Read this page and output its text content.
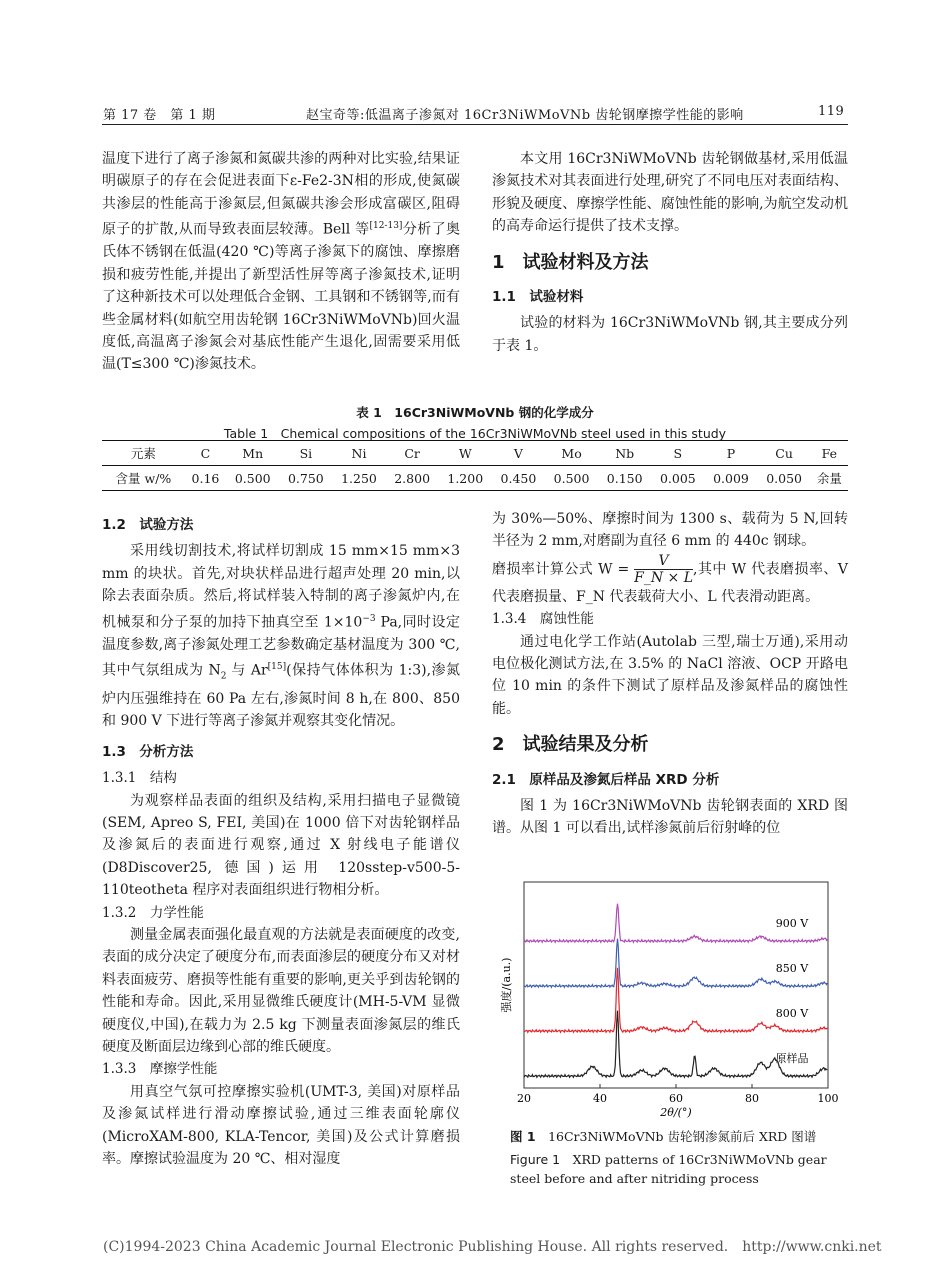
第 17 卷　 第 1 期	赵宝奇等:低温离子渗氮对 16Cr3NiWMoVNb 齿轮钢摩擦学性能的影响	119

温度下进行了离子渗氮和氮碳共渗的两种对比实验,结果证明碳原子的存在会促进表面下ε-Fe2-3N相的形成,使氮碳共渗层的性能高于渗氮层,但氮碳共渗会形成富碳区,阻碍原子的扩散,从而导致表面层较薄。Bell 等[12-13]分析了奥氏体不锈钢在低温(420 ℃)等离子渗氮下的腐蚀、摩擦磨损和疲劳性能,并提出了新型活性屏等离子渗氮技术,证明了这种新技术可以处理低合金钢、工具钢和不锈钢等,而有些金属材料(如航空用齿轮钢 16Cr3NiWMoVNb)回火温度低,高温离子渗氮会对基底性能产生退化,固需要采用低温(T≤300 ℃)渗氮技术。

本文用 16Cr3NiWMoVNb 齿轮钢做基材,采用低温渗氮技术对其表面进行处理,研究了不同电压对表面结构、形貌及硬度、摩擦学性能、腐蚀性能的影响,为航空发动机的高寿命运行提供了技术支撑。

1　试验材料及方法
1.1　试验材料

试验的材料为 16Cr3NiWMoVNb 钢,其主要成分列于表 1。

表 1　16Cr3NiWMoVNb 钢的化学成分
Table 1　Chemical compositions of the 16Cr3NiWMoVNb steel used in this study
元素	C	Mn	Si	Ni	Cr	W	V	Mo	Nb	S	P	Cu	Fe
含量 w/%	0.16	0.500	0.750	1.250	2.800	1.200	0.450	0.500	0.150	0.005	0.009	0.050	余量
1.2　试验方法

采用线切割技术,将试样切割成 15 mm×15 mm×3 mm 的块状。首先,对块状样品进行超声处理 20 min,以除去表面杂质。然后,将试样装入特制的离子渗氮炉内,在机械泵和分子泵的加持下抽真空至 $1\times 10^{-3}$ Pa,同时设定温度参数,离子渗氮处理工艺参数确定基材温度为 300 ℃,其中气氛组成为 $N_2$ 与 Ar[15](保持气体体积为 1:3),渗氮炉内压强维持在 60 Pa 左右,渗氮时间 8 h,在 800、850 和 900 V 下进行等离子渗氮并观察其变化情况。

1.3　分析方法
1.3.1　结构

为观察样品表面的组织及结构,采用扫描电子显微镜(SEM, Apreo S, FEI, 美国)在 1000 倍下对齿轮钢样品及渗氮后的表面进行观察,通过 X 射线电子能谱仪(D8Discover25, 德国)运用 120sstep-v500-5-110teotheta 程序对表面组织进行物相分析。

1.3.2　力学性能

测量金属表面强化最直观的方法就是表面硬度的改变,表面的成分决定了硬度分布,而表面渗层的硬度分布又对材料表面疲劳、磨损等性能有重要的影响,更关乎到齿轮钢的性能和寿命。因此,采用显微维氏硬度计(MH-5-VM 显微硬度仪,中国),在载力为 2.5 kg 下测量表面渗氮层的维氏硬度及断面层边缘到心部的维氏硬度。

1.3.3　摩擦学性能

用真空气氛可控摩擦实验机(UMT-3, 美国)对原样品及渗氮试样进行滑动摩擦试验,通过三维表面轮廓仪(MicroXAM-800, KLA-Tencor, 美国)及公式计算磨损率。摩擦试验温度为 20 ℃、相对湿度

为 30%—50%、摩擦时间为 1300 s、载荷为 5 N,回转半径为 2 mm,对磨副为直径 6 mm 的 440c 钢球。

磨损率计算公式 $W = \frac{V}{F\_N \times L}$ ,其中 W 代表磨损率、V 代表磨损量、F_N 代表载荷大小、L 代表滑动距离。

1.3.4　腐蚀性能

通过电化学工作站(Autolab 三型,瑞士万通),采用动电位极化测试方法,在 3.5% 的 NaCl 溶液、OCP 开路电位 10 min 的条件下测试了原样品及渗氮样品的腐蚀性能。

2　试验结果及分析
2.1　原样品及渗氮后样品 XRD 分析

图 1 为 16Cr3NiWMoVNb 齿轮钢表面的 XRD 图谱。从图 1 可以看出,试样渗氮前后衍射峰的位

900 V
850 V
800 V
原样品
20	40	60	80	100
强度/(a.u.)
2θ/(°)
图 1　 16Cr3NiWMoVNb 齿轮钢渗氮前后 XRD 图谱
Figure 1　 XRD patterns of 16Cr3NiWMoVNb gear steel before and after nitriding process
(C)1994-2023 China Academic Journal Electronic Publishing House. All rights reserved.　http://www.cnki.net
